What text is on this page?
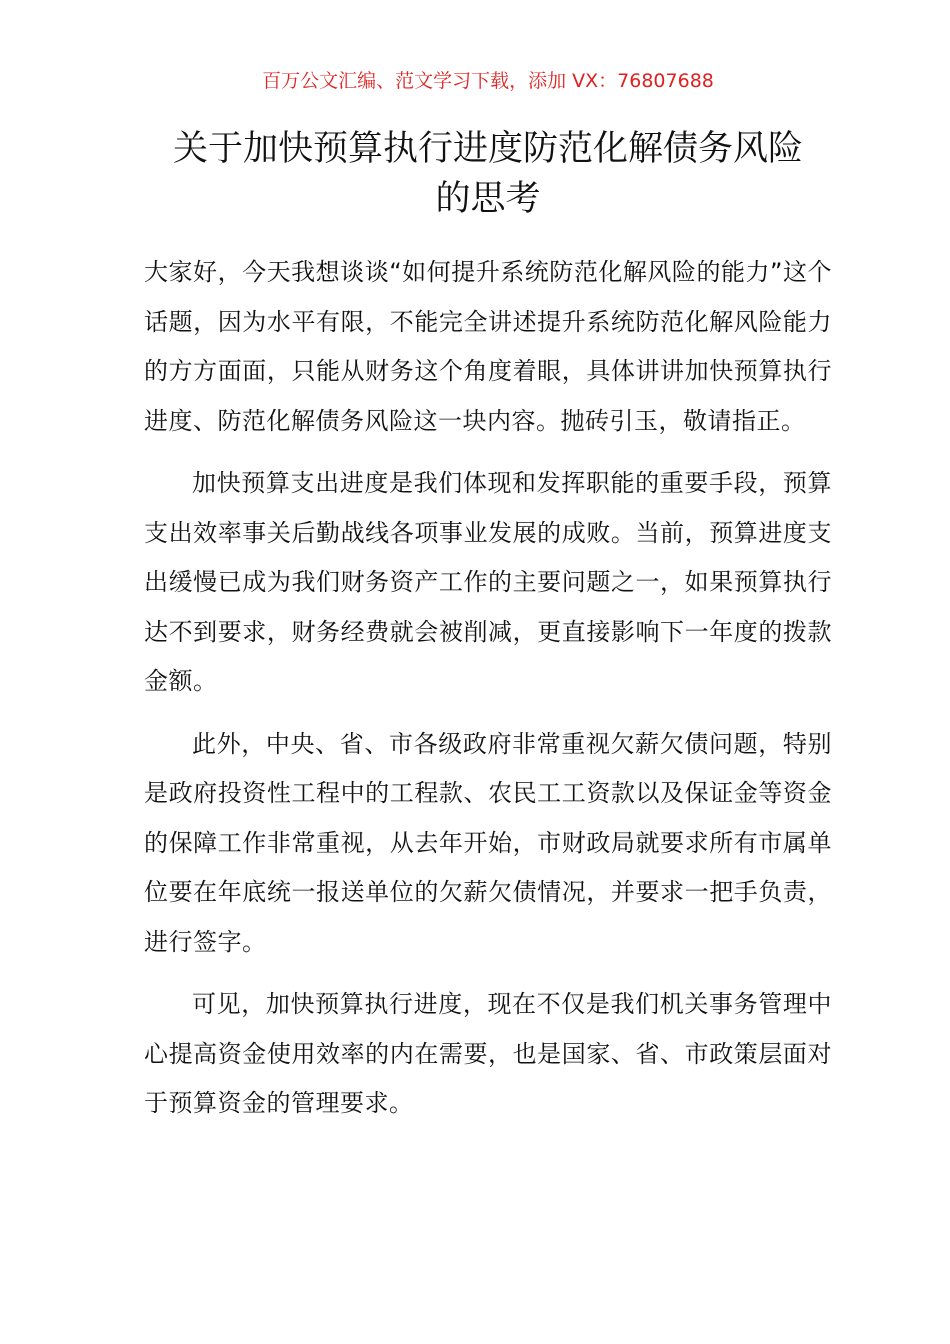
百万公文汇编、范文学习下载，添加 VX：76807688
关于加快预算执行进度防范化解债务风险
的思考

大家好，今天我想谈谈“如何提升系统防范化解风险的能力”这个话题，因为水平有限，不能完全讲述提升系统防范化解风险能力的方方面面，只能从财务这个角度着眼，具体讲讲加快预算执行进度、防范化解债务风险这一块内容。抛砖引玉，敬请指正。

加快预算支出进度是我们体现和发挥职能的重要手段，预算支出效率事关后勤战线各项事业发展的成败。当前，预算进度支出缓慢已成为我们财务资产工作的主要问题之一，如果预算执行达不到要求，财务经费就会被削减，更直接影响下一年度的拨款金额。

此外，中央、省、市各级政府非常重视欠薪欠债问题，特别是政府投资性工程中的工程款、农民工工资款以及保证金等资金的保障工作非常重视，从去年开始，市财政局就要求所有市属单位要在年底统一报送单位的欠薪欠债情况，并要求一把手负责，进行签字。

可见，加快预算执行进度，现在不仅是我们机关事务管理中心提高资金使用效率的内在需要，也是国家、省、市政策层面对于预算资金的管理要求。
